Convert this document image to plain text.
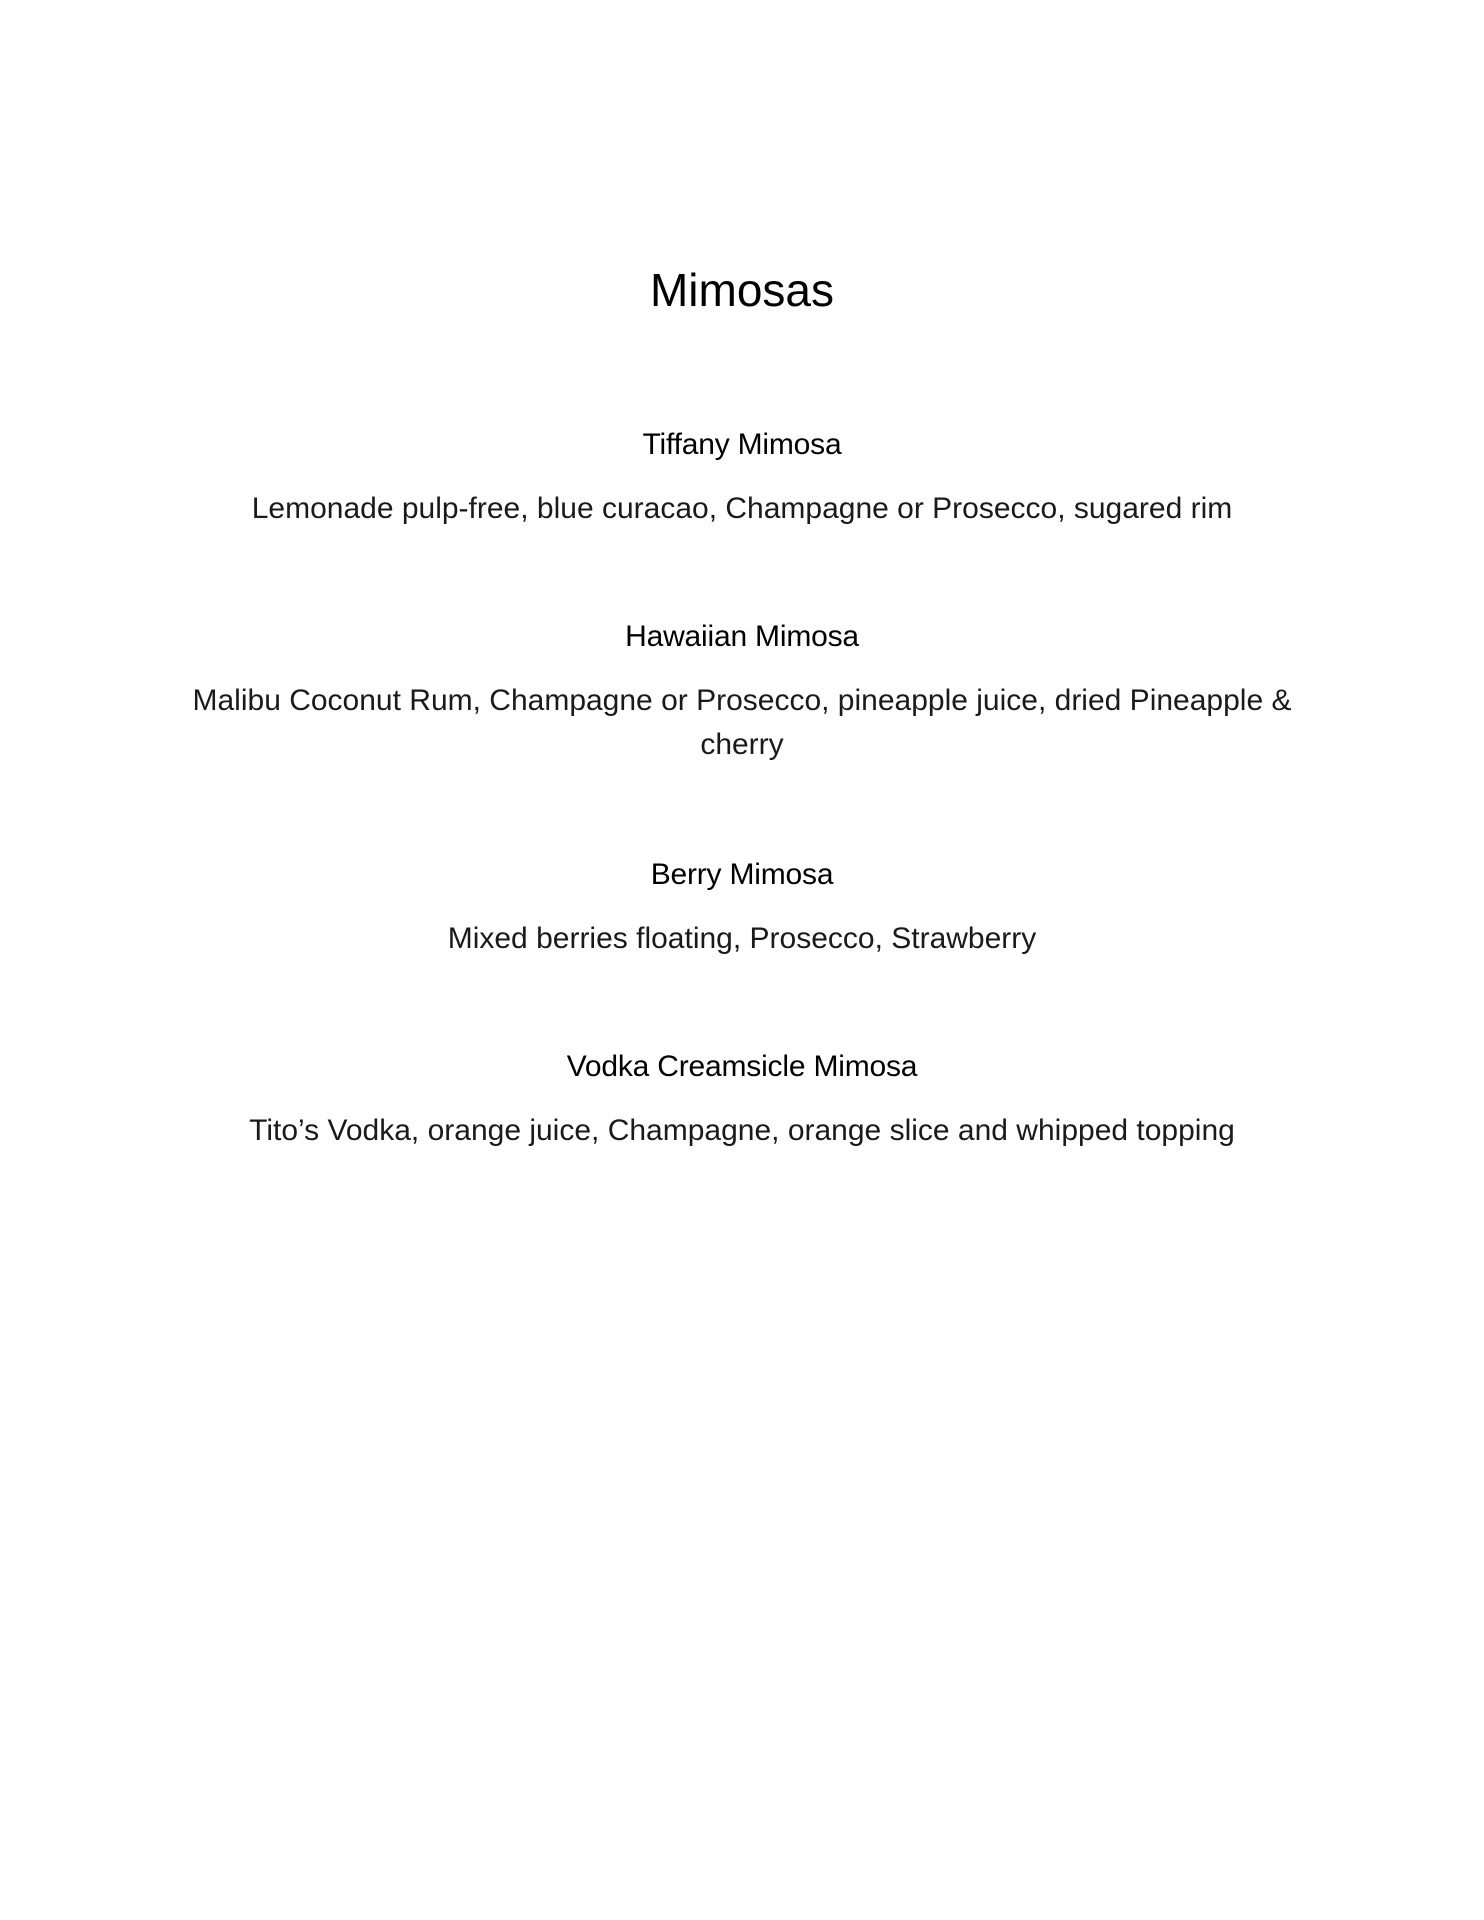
Mimosas

Tiffany Mimosa

Lemonade pulp-free, blue curacao, Champagne or Prosecco, sugared rim

Hawaiian Mimosa

Malibu Coconut Rum, Champagne or Prosecco, pineapple juice, dried Pineapple & cherry

Berry Mimosa

Mixed berries floating, Prosecco, Strawberry

Vodka Creamsicle Mimosa

Tito’s Vodka, orange juice, Champagne, orange slice and whipped topping
